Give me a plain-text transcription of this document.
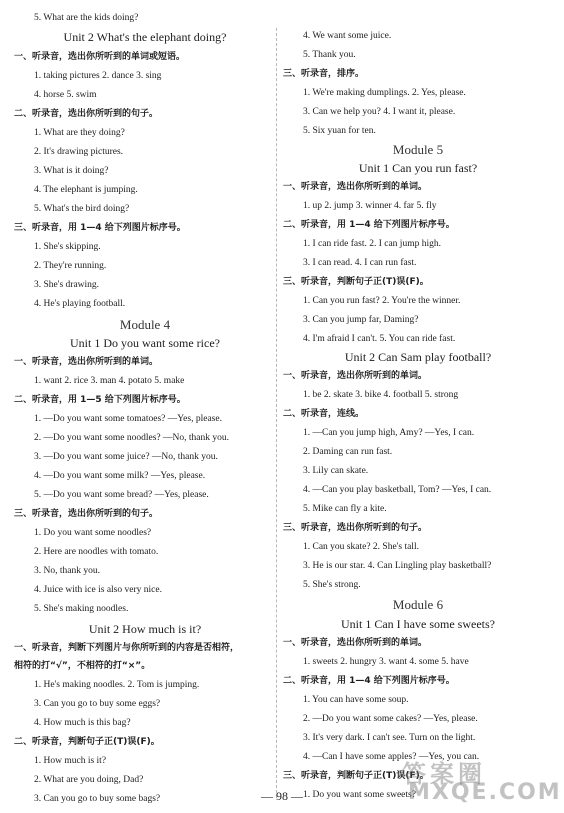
5. What are the kids doing?
Unit 2 What's the elephant doing?
一、听录音，选出你所听到的单词或短语。
1. taking pictures 2. dance 3. sing
4. horse 5. swim
二、听录音，选出你所听到的句子。
1. What are they doing?
2. It's drawing pictures.
3. What is it doing?
4. The elephant is jumping.
5. What's the bird doing?
三、听录音，用 1—4 给下列图片标序号。
1. She's skipping.
2. They're running.
3. She's drawing.
4. He's playing football.
Module 4
Unit 1 Do you want some rice?
一、听录音，选出你所听到的单词。
1. want 2. rice 3. man 4. potato 5. make
二、听录音，用 1—5 给下列图片标序号。
1. —Do you want some tomatoes? —Yes, please.
2. —Do you want some noodles? —No, thank you.
3. —Do you want some juice? —No, thank you.
4. —Do you want some milk? —Yes, please.
5. —Do you want some bread? —Yes, please.
三、听录音，选出你所听到的句子。
1. Do you want some noodles?
2. Here are noodles with tomato.
3. No, thank you.
4. Juice with ice is also very nice.
5. She's making noodles.
Unit 2 How much is it?
一、听录音，判断下列图片与你所听到的内容是否相符，
相符的打“√”，不相符的打“×”。
1. He's making noodles. 2. Tom is jumping.
3. Can you go to buy some eggs?
4. How much is this bag?
二、听录音，判断句子正(T)误(F)。
1. How much is it?
2. What are you doing, Dad?
3. Can you go to buy some bags?
4. We want some juice.
5. Thank you.
三、听录音，排序。
1. We're making dumplings. 2. Yes, please.
3. Can we help you? 4. I want it, please.
5. Six yuan for ten.
Module 5
Unit 1 Can you run fast?
一、听录音，选出你所听到的单词。
1. up 2. jump 3. winner 4. far 5. fly
二、听录音，用 1—4 给下列图片标序号。
1. I can ride fast. 2. I can jump high.
3. I can read. 4. I can run fast.
三、听录音，判断句子正(T)误(F)。
1. Can you run fast? 2. You're the winner.
3. Can you jump far, Daming?
4. I'm afraid I can't. 5. You can ride fast.
Unit 2 Can Sam play football?
一、听录音，选出你所听到的单词。
1. be 2. skate 3. bike 4. football 5. strong
二、听录音，连线。
1. —Can you jump high, Amy? —Yes, I can.
2. Daming can run fast.
3. Lily can skate.
4. —Can you play basketball, Tom? —Yes, I can.
5. Mike can fly a kite.
三、听录音，选出你所听到的句子。
1. Can you skate? 2. She's tall.
3. He is our star. 4. Can Lingling play basketball?
5. She's strong.
Module 6
Unit 1 Can I have some sweets?
一、听录音，选出你所听到的单词。
1. sweets 2. hungry 3. want 4. some 5. have
二、听录音，用 1—4 给下列图片标序号。
1. You can have some soup.
2. —Do you want some cakes? —Yes, please.
3. It's very dark. I can't see. Turn on the light.
4. —Can I have some apples? —Yes, you can.
三、听录音，判断句子正(T)误(F)。
1. Do you want some sweets?
— 98 —
答案圈
MXQE.COM
